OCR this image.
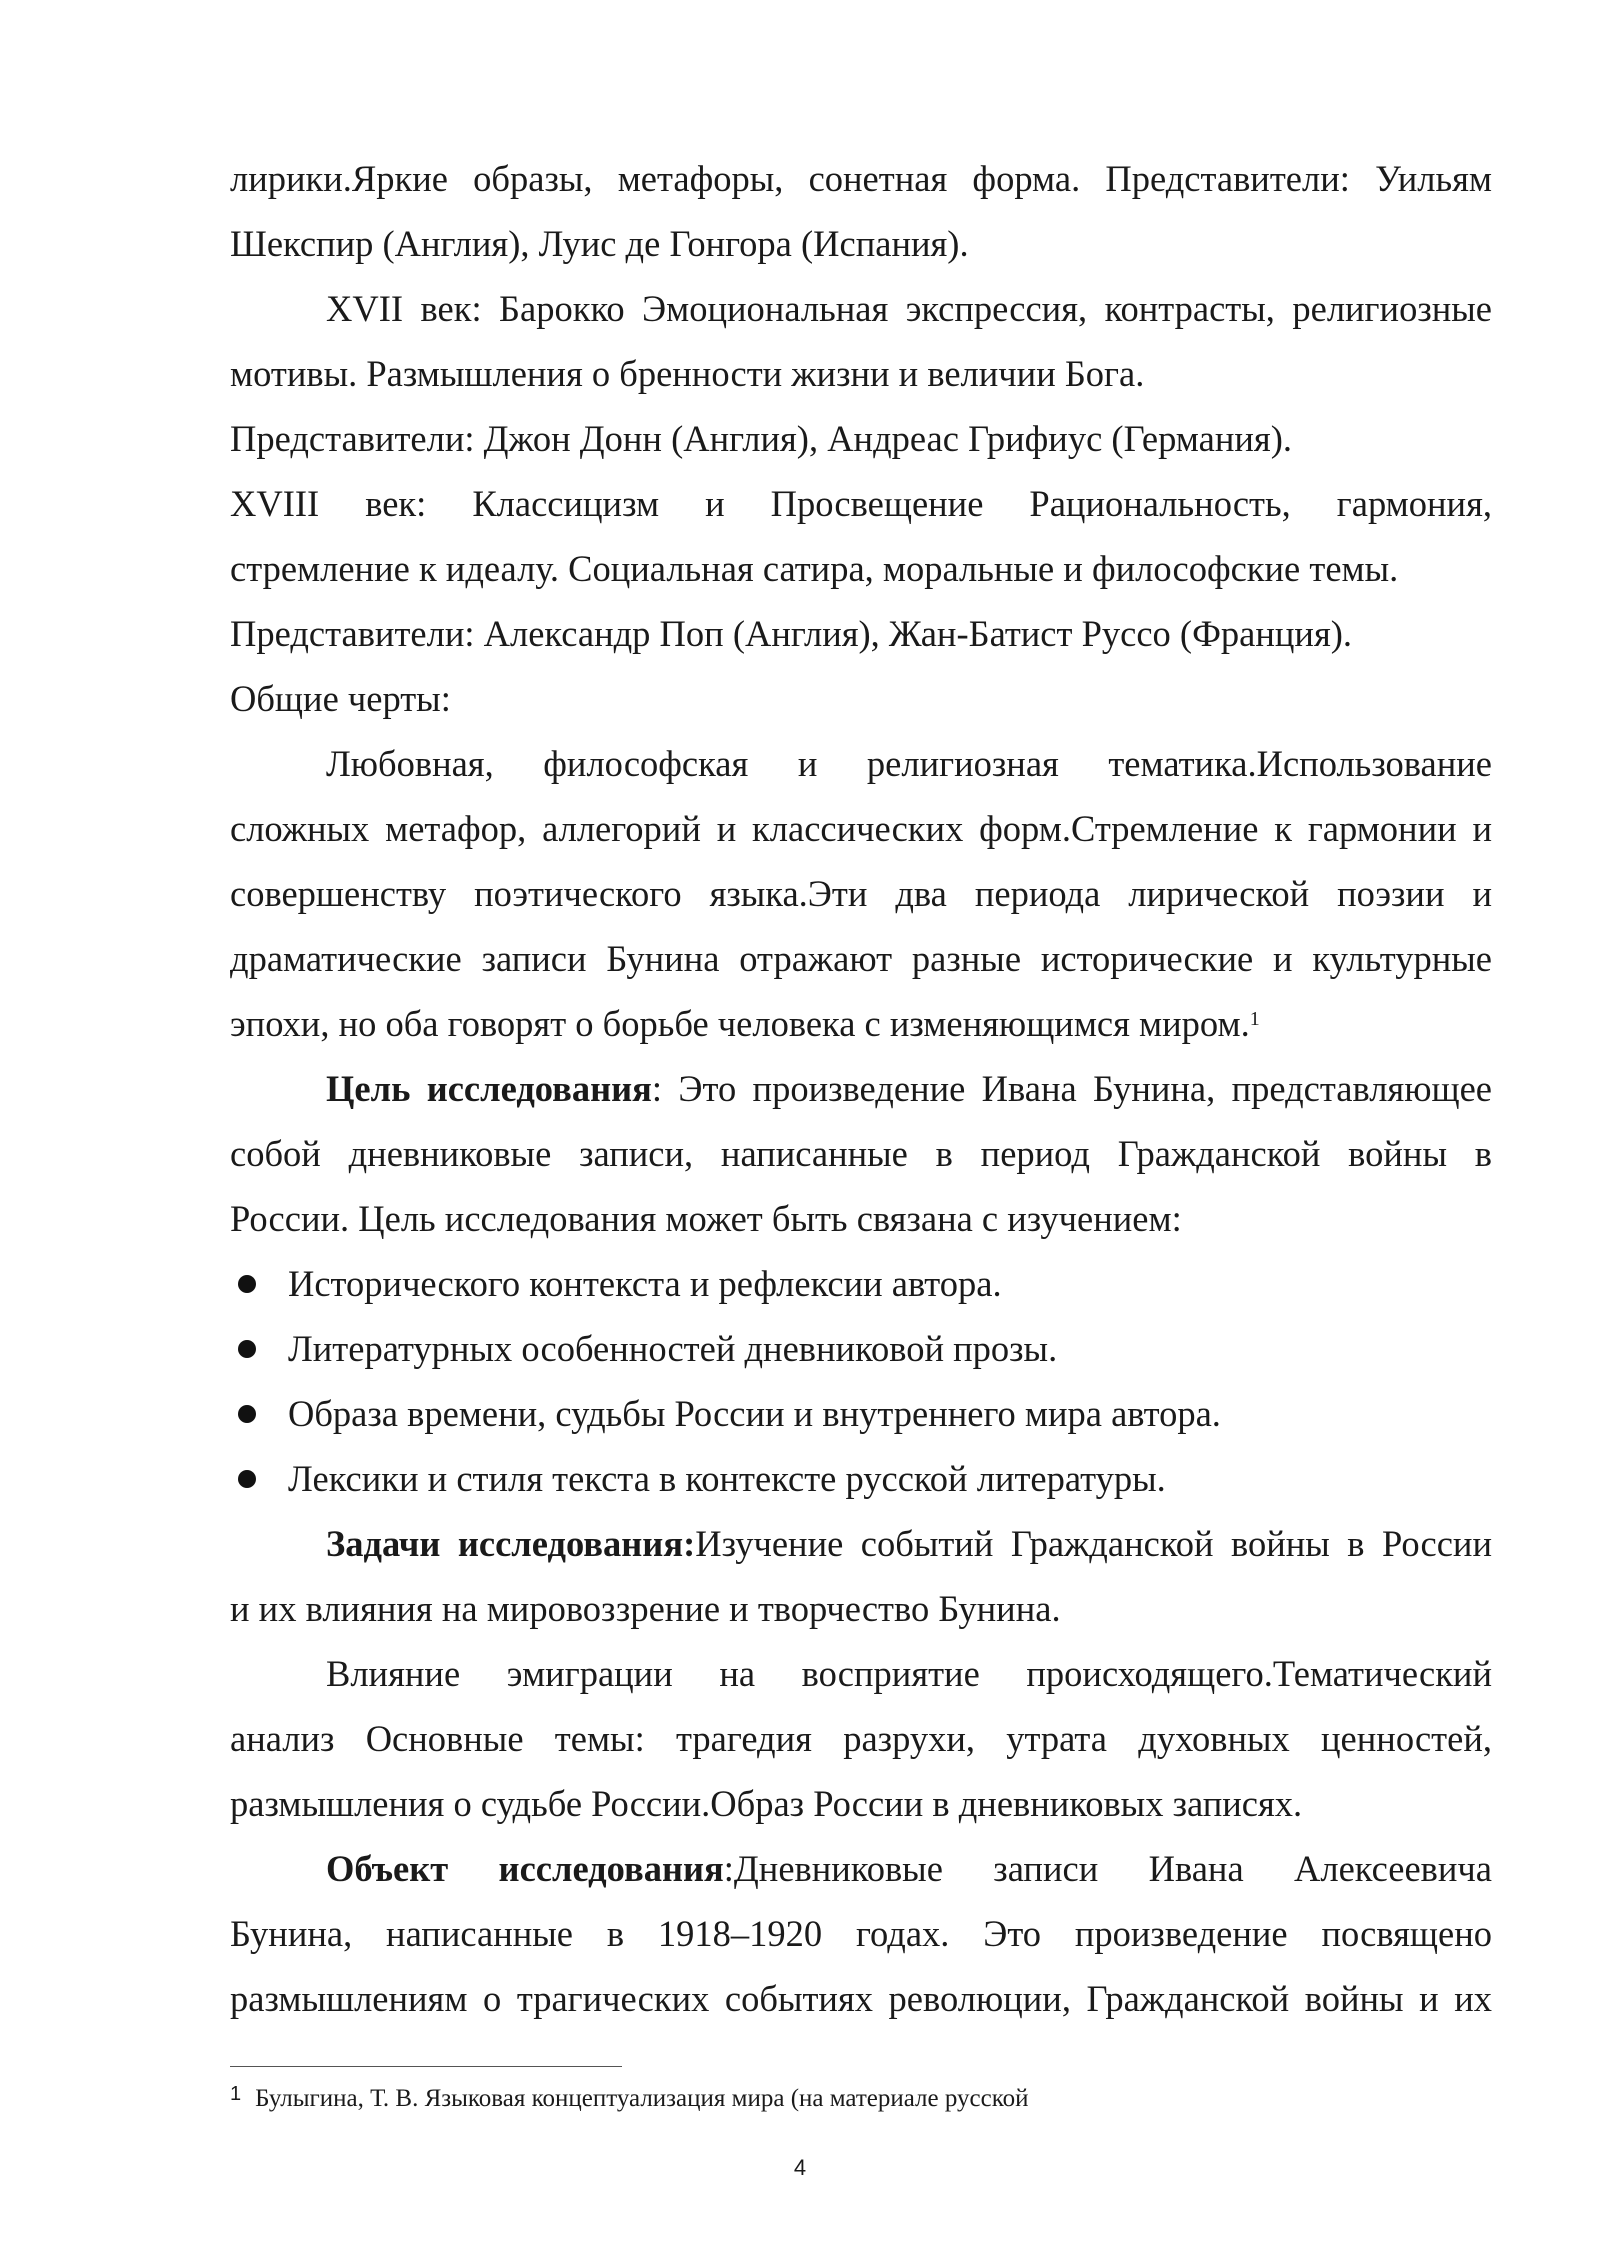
лирики.Яркие образы, метафоры, сонетная форма. Представители: Уильям
Шекспир (Англия), Луис де Гонгора (Испания).
XVII век: Барокко Эмоциональная экспрессия, контрасты, религиозные
мотивы. Размышления о бренности жизни и величии Бога.
Представители: Джон Донн (Англия), Андреас Грифиус (Германия).
XVIII век: Классицизм и Просвещение Рациональность, гармония,
стремление к идеалу. Социальная сатира, моральные и философские темы.
Представители: Александр Поп (Англия), Жан-Батист Руссо (Франция).
Общие черты:
Любовная, философская и религиозная тематика.Использование
сложных метафор, аллегорий и классических форм.Стремление к гармонии и
совершенству поэтического языка.Эти два периода лирической поэзии и
драматические записи Бунина отражают разные исторические и культурные
эпохи, но оба говорят о борьбе человека с изменяющимся миром.$^1$
Цель исследования: Это произведение Ивана Бунина, представляющее
собой дневниковые записи, написанные в период Гражданской войны в
России. Цель исследования может быть связана с изучением:
Исторического контекста и рефлексии автора.
Литературных особенностей дневниковой прозы.
Образа времени, судьбы России и внутреннего мира автора.
Лексики и стиля текста в контексте русской литературы.
Задачи исследования:Изучение событий Гражданской войны в России
и их влияния на мировоззрение и творчество Бунина.
Влияние эмиграции на восприятие происходящего.Тематический
анализ Основные темы: трагедия разрухи, утрата духовных ценностей,
размышления о судьбе России.Образ России в дневниковых записях.
Объект исследования:Дневниковые записи Ивана Алексеевича
Бунина, написанные в 1918–1920 годах. Это произведение посвящено
размышлениям о трагических событиях революции, Гражданской войны и их
$^1$ Булыгина, Т. В. Языковая концептуализация мира (на материале русской
4
